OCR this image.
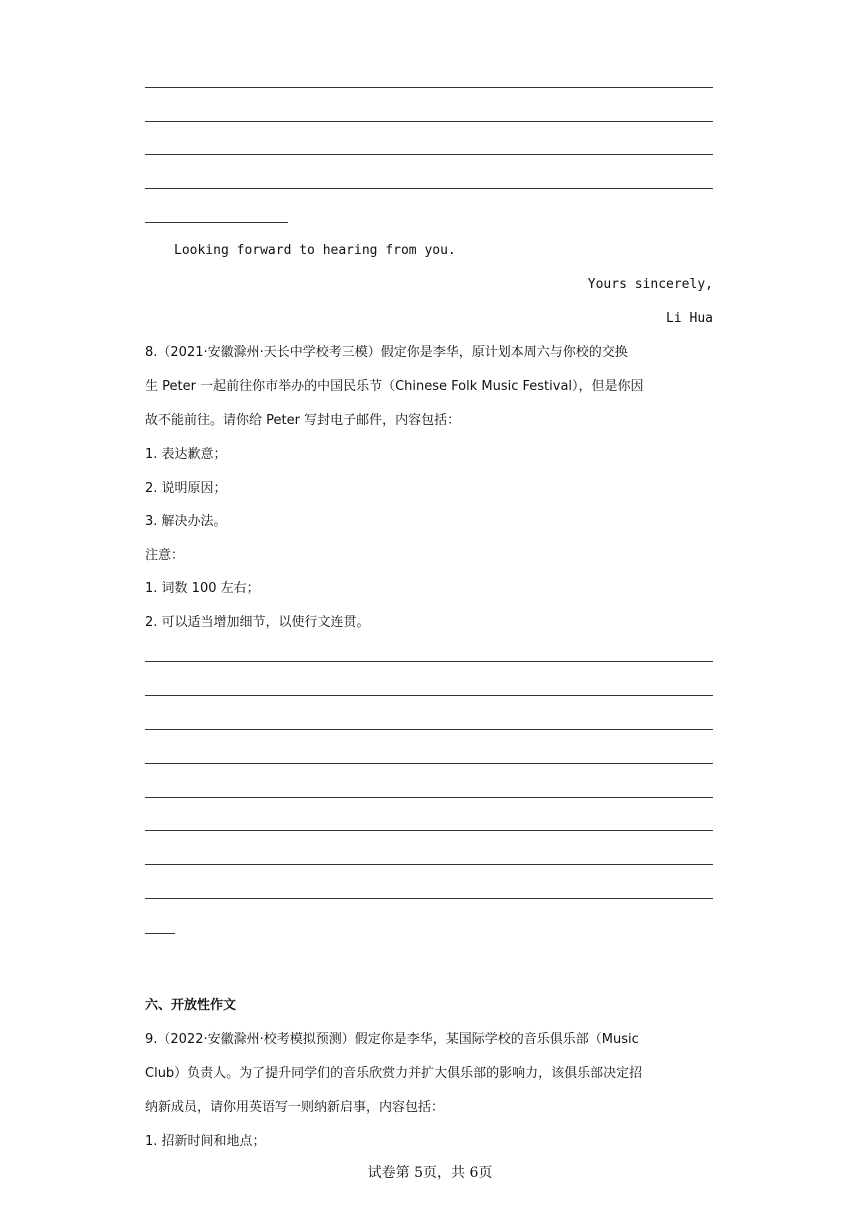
Looking forward to hearing from you.
Yours sincerely,
Li Hua
8.（2021·安徽滁州·天长中学校考三模）假定你是李华，原计划本周六与你校的交换
生 Peter 一起前往你市举办的中国民乐节（Chinese Folk Music Festival），但是你因
故不能前往。请你给 Peter 写封电子邮件，内容包括：
1. 表达歉意；
2. 说明原因；
3. 解决办法。
注意：
1. 词数 100 左右；
2. 可以适当增加细节，以使行文连贯。
六、开放性作文
9.（2022·安徽滁州·校考模拟预测）假定你是李华，某国际学校的音乐俱乐部（Music
Club）负责人。为了提升同学们的音乐欣赏力并扩大俱乐部的影响力，该俱乐部决定招
纳新成员，请你用英语写一则纳新启事，内容包括：
1. 招新时间和地点；
试卷第 5页，共 6页
